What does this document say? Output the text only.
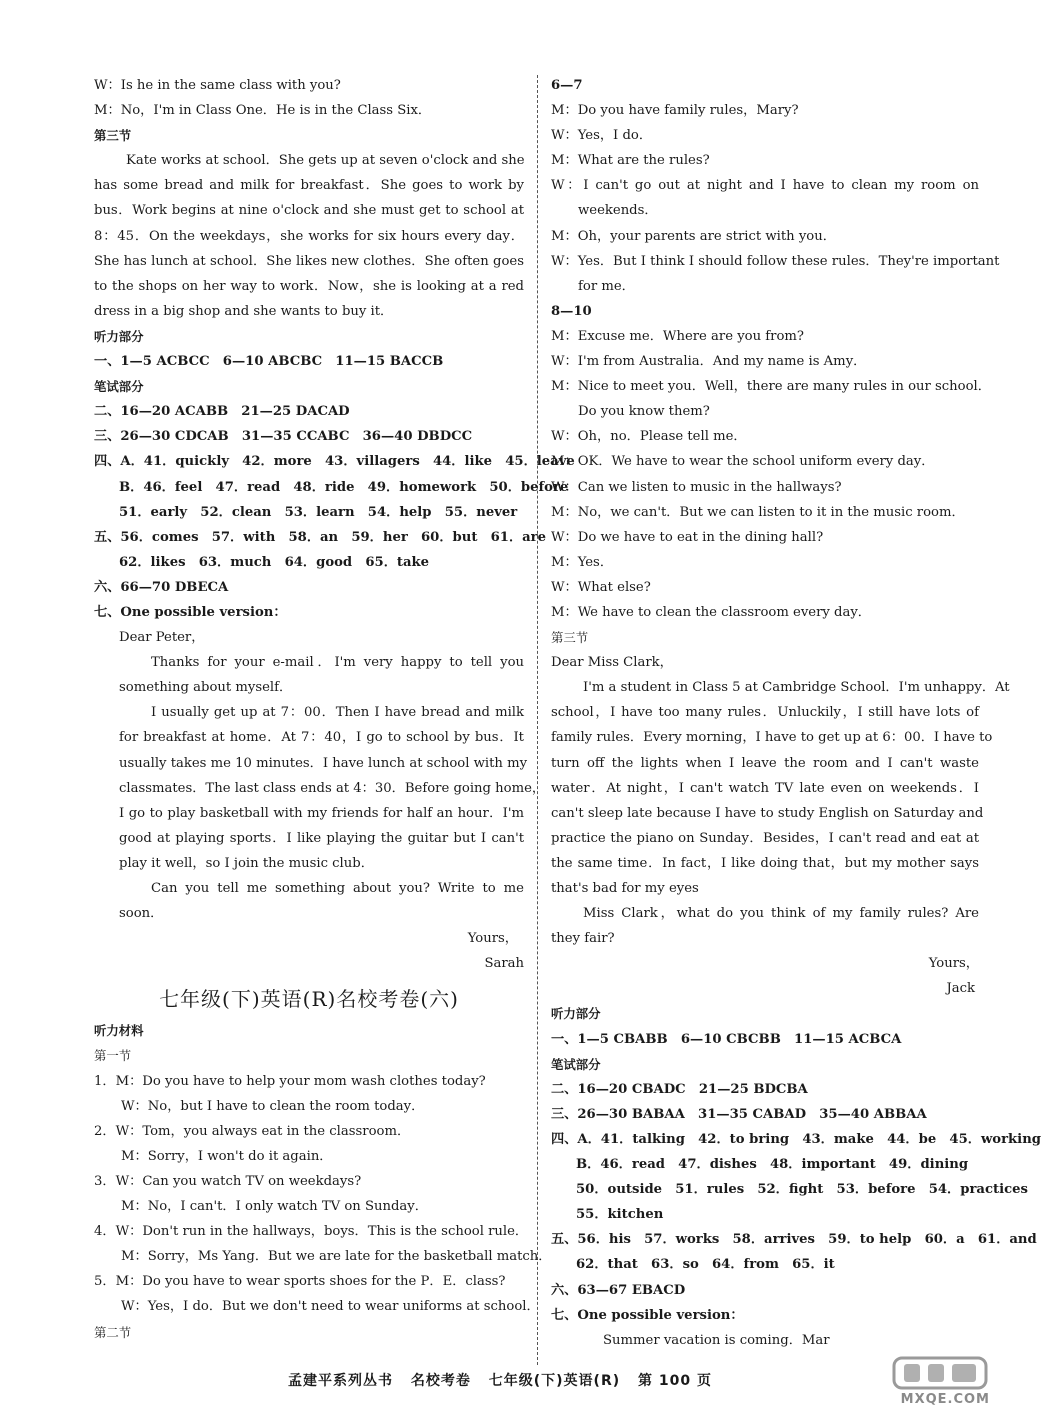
W：Is he in the same class with you?
M：No，I'm in Class One．He is in the Class Six．
第三节
Kate works at school．She gets up at seven o'clock and she
has some bread and milk for breakfast．She goes to work by
bus．Work begins at nine o'clock and she must get to school at
8：45．On the weekdays，she works for six hours every day．
She has lunch at school．She likes new clothes．She often goes
to the shops on her way to work．Now，she is looking at a red
dress in a big shop and she wants to buy it．
听力部分
一、1—5 ACBCC　6—10 ABCBC　11—15 BACCB
笔试部分
二、16—20 ACABB　21—25 DACAD
三、26—30 CDCAB　31—35 CCABC　36—40 DBDCC
四、A．41．quickly　42．more　43．villagers　44．like　45．leave
B．46．feel　47．read　48．ride　49．homework　50．before
51．early　52．clean　53．learn　54．help　55．never
五、56．comes　57．with　58．an　59．her　60．but　61．are
62．likes　63．much　64．good　65．take
六、66—70 DBECA
七、One possible version：
Dear Peter，
Thanks for your e-mail．I'm very happy to tell you
something about myself．
I usually get up at 7：00．Then I have bread and milk
for breakfast at home．At 7：40，I go to school by bus．It
usually takes me 10 minutes．I have lunch at school with my
classmates．The last class ends at 4：30．Before going home，
I go to play basketball with my friends for half an hour．I'm
good at playing sports．I like playing the guitar but I can't
play it well，so I join the music club．
Can you tell me something about you? Write to me
soon．
Yours，
Sarah
七年级(下)英语(R)名校考卷(六)
听力材料
第一节
1．M：Do you have to help your mom wash clothes today?
W：No，but I have to clean the room today．
2．W：Tom，you always eat in the classroom．
M：Sorry，I won't do it again．
3．W：Can you watch TV on weekdays?
M：No，I can't．I only watch TV on Sunday．
4．W：Don't run in the hallways，boys．This is the school rule．
M：Sorry，Ms Yang．But we are late for the basketball match．
5．M：Do you have to wear sports shoes for the P．E．class?
W：Yes，I do．But we don't need to wear uniforms at school．
第二节
6—7
M：Do you have family rules，Mary?
W：Yes，I do．
M：What are the rules?
W：I can't go out at night and I have to clean my room on
weekends．
M：Oh，your parents are strict with you．
W：Yes．But I think I should follow these rules．They're important
for me．
8—10
M：Excuse me．Where are you from?
W：I'm from Australia．And my name is Amy．
M：Nice to meet you．Well，there are many rules in our school．
Do you know them?
W：Oh，no．Please tell me．
M：OK．We have to wear the school uniform every day．
W：Can we listen to music in the hallways?
M：No，we can't．But we can listen to it in the music room．
W：Do we have to eat in the dining hall?
M：Yes．
W：What else?
M：We have to clean the classroom every day．
第三节
Dear Miss Clark，
I'm a student in Class 5 at Cambridge School．I'm unhappy．At
school，I have too many rules．Unluckily，I still have lots of
family rules．Every morning，I have to get up at 6：00．I have to
turn off the lights when I leave the room and I can't waste
water．At night，I can't watch TV late even on weekends．I
can't sleep late because I have to study English on Saturday and
practice the piano on Sunday．Besides，I can't read and eat at
the same time．In fact，I like doing that，but my mother says
that's bad for my eyes
Miss Clark，what do you think of my family rules? Are
they fair?
Yours，
Jack
听力部分
一、1—5 CBABB　6—10 CBCBB　11—15 ACBCA
笔试部分
二、16—20 CBADC　21—25 BDCBA
三、26—30 BABAA　31—35 CABAD　35—40 ABBAA
四、A．41．talking　42．to bring　43．make　44．be　45．working
B．46．read　47．dishes　48．important　49．dining
50．outside　51．rules　52．fight　53．before　54．practices
55．kitchen
五、56．his　57．works　58．arrives　59．to help　60．a　61．and
62．that　63．so　64．from　65．it
六、63—67 EBACD
七、One possible version：
Summer vacation is coming．Mar
孟建平系列丛书 名校考卷 七年级(下)英语(R) 第 100 页
MXQE.COM
